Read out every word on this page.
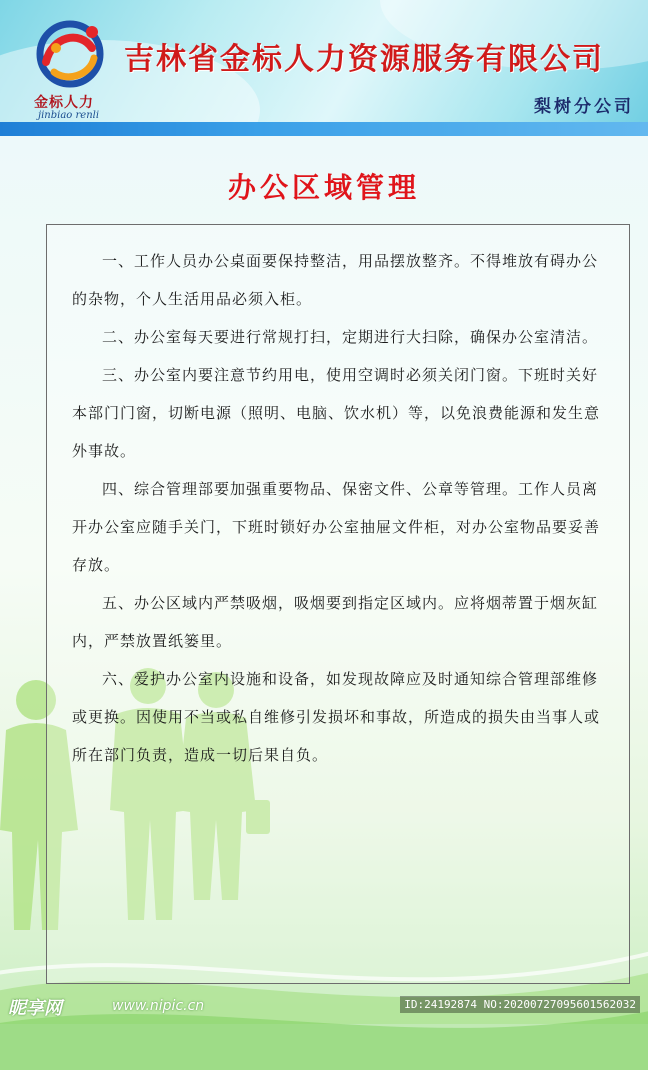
金标人力
jinbiao renli
吉林省金标人力资源服务有限公司
梨树分公司
办公区域管理

一、工作人员办公桌面要保持整洁，用品摆放整齐。不得堆放有碍办公的杂物，个人生活用品必须入柜。

二、办公室每天要进行常规打扫，定期进行大扫除，确保办公室清洁。

三、办公室内要注意节约用电，使用空调时必须关闭门窗。下班时关好本部门门窗，切断电源（照明、电脑、饮水机）等，以免浪费能源和发生意外事故。

四、综合管理部要加强重要物品、保密文件、公章等管理。工作人员离开办公室应随手关门，下班时锁好办公室抽屉文件柜，对办公室物品要妥善存放。

五、办公区域内严禁吸烟，吸烟要到指定区域内。应将烟蒂置于烟灰缸内，严禁放置纸篓里。

六、爱护办公室内设施和设备，如发现故障应及时通知综合管理部维修或更换。因使用不当或私自维修引发损坏和事故，所造成的损失由当事人或所在部门负责，造成一切后果自负。

昵享网	www.nipic.cn	ID:24192874 NO:20200727095601562032
